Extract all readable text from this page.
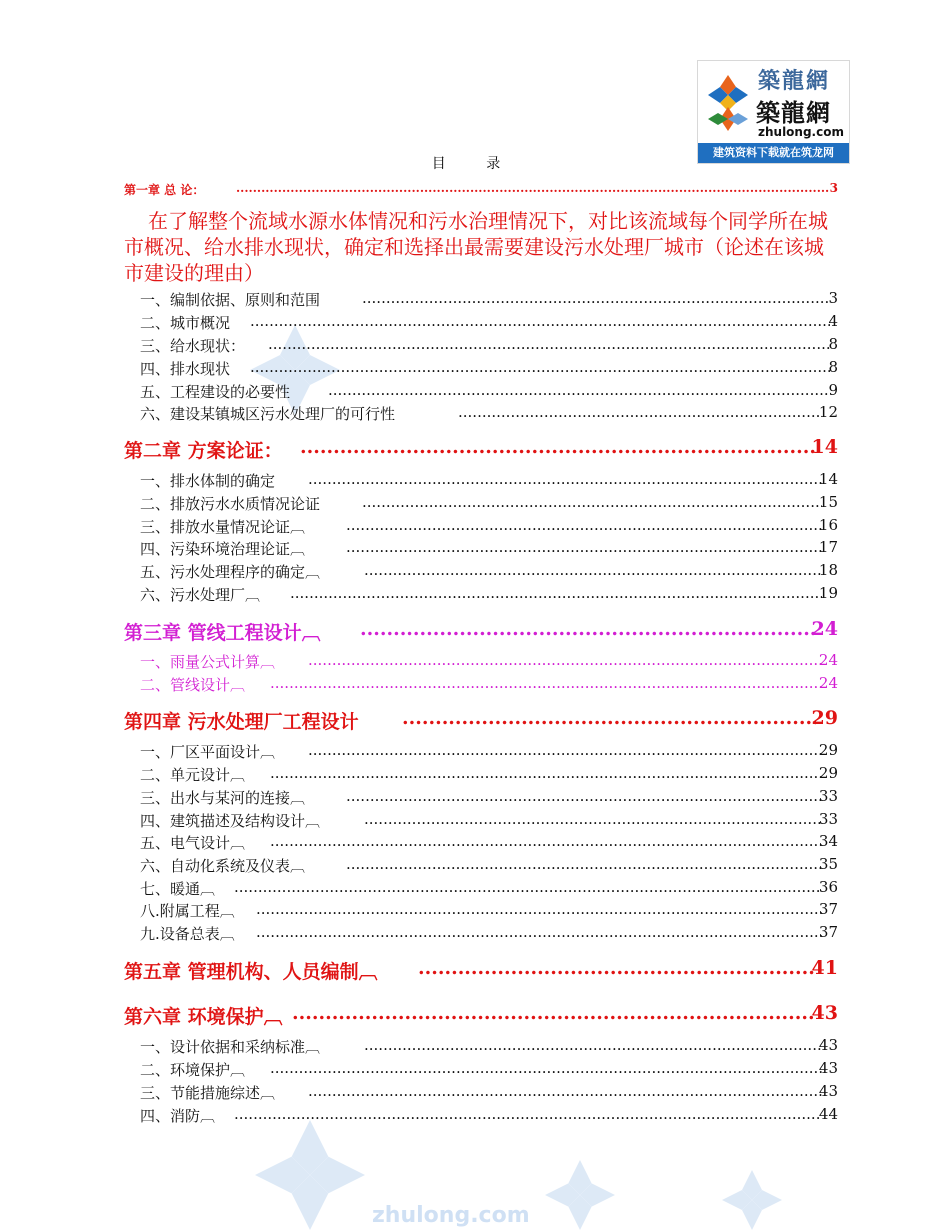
zhulong.com
築龍網
築龍網
zhulong.com
建筑资料下载就在筑龙网
目 录
第一章 总 论： .....	3
在了解整个流域水源水体情况和污水治理情况下，对比该流域每个同学所在城市概况、给水排水现状，确定和选择出最需要建设污水处理厂城市（论述在该城市建设的理由）
一、编制依据、原则和范围 .....	3
二、城市概况 .....	4
三、给水现状： .....	8
四、排水现状 .....	8
五、工程建设的必要性 .....	9
六、建设某镇城区污水处理厂的可行性 .....	12
第二章 方案论证： .....	14
一、排水体制的确定 .....	14
二、排放污水水质情况论证 .....	15
三、排放水量情况论证︹ .....	16
四、污染环境治理论证︹ .....	17
五、污水处理程序的确定︹ .....	18
六、污水处理厂︹ .....	19
第三章 管线工程设计︹ .....	24
一、雨量公式计算︹ .....	24
二、管线设计︹ .....	24
第四章 污水处理厂工程设计 .....	29
一、厂区平面设计︹ .....	29
二、单元设计︹ .....	29
三、出水与某河的连接︹ .....	33
四、建筑描述及结构设计︹ .....	33
五、电气设计︹ .....	34
六、自动化系统及仪表︹ .....	35
七、暖通︹ .....	36
八.附属工程︹ .....	37
九.设备总表︹ .....	37
第五章 管理机构、人员编制︹ .....	41
第六章 环境保护︹ .....	43
一、设计依据和采纳标准︹ .....	43
二、环境保护︹ .....	43
三、节能措施综述︹ .....	43
四、消防︹ .....	44
